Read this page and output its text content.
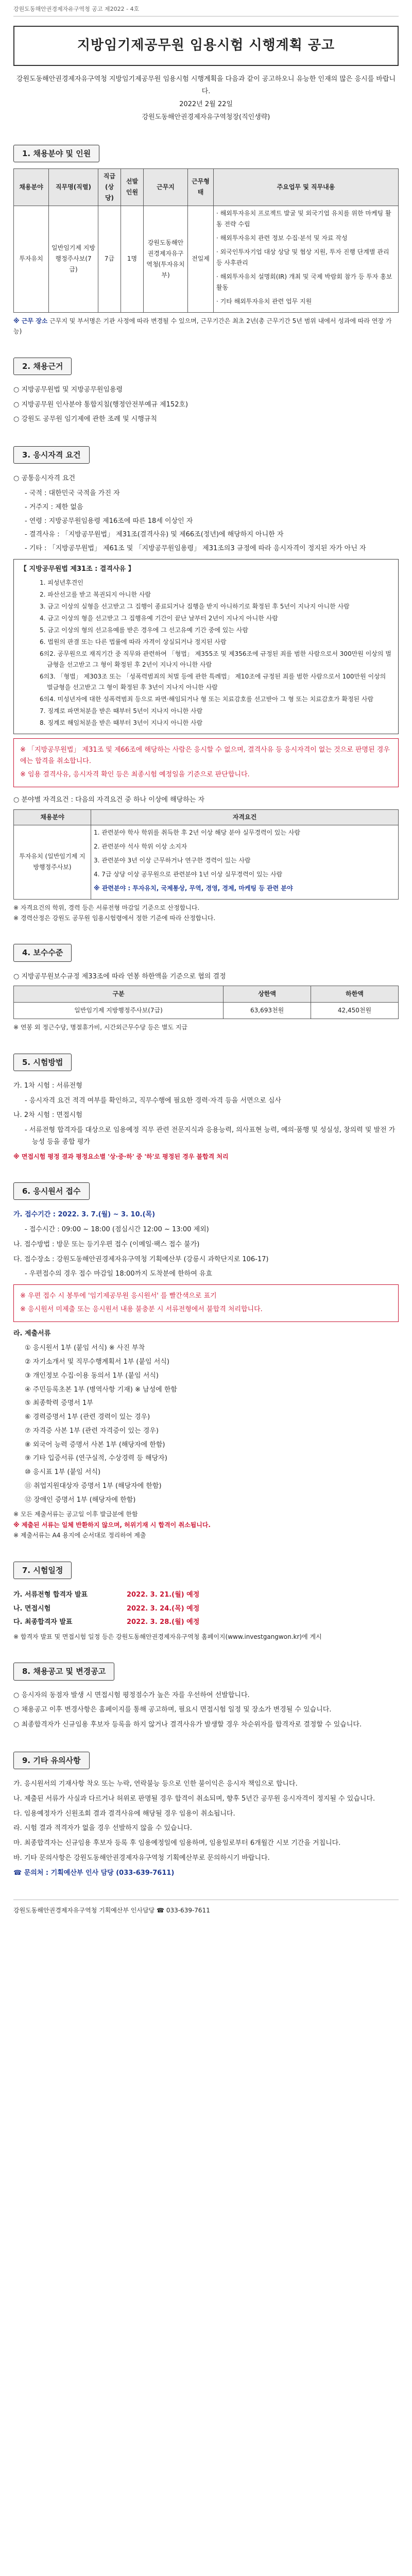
강원도동해안권경제자유구역청 공고 제2022 - 4호
지방임기제공무원 임용시험 시행계획 공고
강원도동해안권경제자유구역청 지방임기제공무원 임용시험 시행계획을 다음과 같이 공고하오니 유능한 인재의 많은 응시를 바랍니다.
2022년 2월 22일
강원도동해안권경제자유구역청장(직인생략)
1. 채용분야 및 인원
채용분야	직무명(직렬)	직급(상당)	선발인원	근무지	근무형태	주요업무 및 직무내용
투자유치	일반임기제 지방행정주사보(7급)	7급	1명	강원도동해안권경제자유구역청(투자유치부)	전일제	· 해외투자유치 프로젝트 발굴 및 외국기업 유치를 위한 마케팅 활동 전략 수립
· 해외투자유치 관련 정보 수집·분석 및 자료 작성
· 외국인투자기업 대상 상담 및 협상 지원, 투자 진행 단계별 관리 등 사후관리
· 해외투자유치 설명회(IR) 개최 및 국제 박람회 참가 등 투자 홍보 활동
· 기타 해외투자유치 관련 업무 지원
※ 근무 장소 근무지 및 부서명은 기관 사정에 따라 변경될 수 있으며, 근무기간은 최초 2년(총 근무기간 5년 범위 내에서 성과에 따라 연장 가능)
2. 채용근거
○ 지방공무원법 및 지방공무원임용령
○ 지방공무원 인사분야 통합지침(행정안전부예규 제152호)
○ 강원도 공무원 임기제에 관한 조례 및 시행규칙
3. 응시자격 요건
○ 공통응시자격 요건
- 국적 : 대한민국 국적을 가진 자
- 거주지 : 제한 없음
- 연령 : 지방공무원임용령 제16조에 따른 18세 이상인 자
- 결격사유 : 「지방공무원법」 제31조(결격사유) 및 제66조(정년)에 해당하지 아니한 자
- 기타 : 「지방공무원법」 제61조 및 「지방공무원임용령」 제31조의3 규정에 따라 응시자격이 정지된 자가 아닌 자
【 지방공무원법 제31조 : 결격사유 】
1. 피성년후견인
2. 파산선고를 받고 복권되지 아니한 사람
3. 금고 이상의 실형을 선고받고 그 집행이 종료되거나 집행을 받지 아니하기로 확정된 후 5년이 지나지 아니한 사람
4. 금고 이상의 형을 선고받고 그 집행유예 기간이 끝난 날부터 2년이 지나지 아니한 사람
5. 금고 이상의 형의 선고유예를 받은 경우에 그 선고유예 기간 중에 있는 사람
6. 법원의 판결 또는 다른 법률에 따라 자격이 상실되거나 정지된 사람
6의2. 공무원으로 재직기간 중 직무와 관련하여 「형법」 제355조 및 제356조에 규정된 죄를 범한 사람으로서 300만원 이상의 벌금형을 선고받고 그 형이 확정된 후 2년이 지나지 아니한 사람
6의3. 「형법」 제303조 또는 「성폭력범죄의 처벌 등에 관한 특례법」 제10조에 규정된 죄를 범한 사람으로서 100만원 이상의 벌금형을 선고받고 그 형이 확정된 후 3년이 지나지 아니한 사람
6의4. 미성년자에 대한 성폭력범죄 등으로 파면·해임되거나 형 또는 치료감호를 선고받아 그 형 또는 치료감호가 확정된 사람
7. 징계로 파면처분을 받은 때부터 5년이 지나지 아니한 사람
8. 징계로 해임처분을 받은 때부터 3년이 지나지 아니한 사람
※ 「지방공무원법」 제31조 및 제66조에 해당하는 사람은 응시할 수 없으며, 결격사유 등 응시자격이 없는 것으로 판명된 경우에는 합격을 취소합니다.
※ 임용 결격사유, 응시자격 확인 등은 최종시험 예정일을 기준으로 판단합니다.
○ 분야별 자격요건 : 다음의 자격요건 중 하나 이상에 해당하는 자
채용분야	자격요건
투자유치 (일반임기제 지방행정주사보)	1. 관련분야 학사 학위를 취득한 후 2년 이상 해당 분야 실무경력이 있는 사람
2. 관련분야 석사 학위 이상 소지자
3. 관련분야 3년 이상 근무하거나 연구한 경력이 있는 사람
4. 7급 상당 이상 공무원으로 관련분야 1년 이상 실무경력이 있는 사람
※ 관련분야 : 투자유치, 국제통상, 무역, 경영, 경제, 마케팅 등 관련 분야
※ 자격요건의 학위, 경력 등은 서류전형 마감일 기준으로 산정합니다.
※ 경력산정은 강원도 공무원 임용시험령에서 정한 기준에 따라 산정합니다.
4. 보수수준
○ 지방공무원보수규정 제33조에 따라 연봉 하한액을 기준으로 협의 결정
구분	상한액	하한액
일반임기제 지방행정주사보(7급)	63,693천원	42,450천원
※ 연봉 외 정근수당, 명절휴가비, 시간외근무수당 등은 별도 지급
5. 시험방법
가. 1차 시험 : 서류전형
- 응시자격 요건 적격 여부를 확인하고, 직무수행에 필요한 경력·자격 등을 서면으로 심사
나. 2차 시험 : 면접시험
- 서류전형 합격자를 대상으로 임용예정 직무 관련 전문지식과 응용능력, 의사표현 능력, 예의·품행 및 성실성, 창의력 및 발전 가능성 등을 종합 평가
※ 면접시험 평정 결과 평정요소별 '상·중·하' 중 '하'로 평정된 경우 불합격 처리
6. 응시원서 접수
가. 접수기간 : 2022. 3. 7.(월) ~ 3. 10.(목)
- 접수시간 : 09:00 ~ 18:00 (점심시간 12:00 ~ 13:00 제외)
나. 접수방법 : 방문 또는 등기우편 접수 (이메일·팩스 접수 불가)
다. 접수장소 : 강원도동해안권경제자유구역청 기획예산부 (강릉시 과학단지로 106-17)
- 우편접수의 경우 접수 마감일 18:00까지 도착분에 한하여 유효
※ 우편 접수 시 봉투에 '임기제공무원 응시원서' 를 빨간색으로 표기
※ 응시원서 미제출 또는 응시원서 내용 불충분 시 서류전형에서 불합격 처리합니다.
라. 제출서류
① 응시원서 1부 (붙임 서식) ※ 사진 부착
② 자기소개서 및 직무수행계획서 1부 (붙임 서식)
③ 개인정보 수집·이용 동의서 1부 (붙임 서식)
④ 주민등록초본 1부 (병역사항 기재) ※ 남성에 한함
⑤ 최종학력 증명서 1부
⑥ 경력증명서 1부 (관련 경력이 있는 경우)
⑦ 자격증 사본 1부 (관련 자격증이 있는 경우)
⑧ 외국어 능력 증명서 사본 1부 (해당자에 한함)
⑨ 기타 입증서류 (연구실적, 수상경력 등 해당자)
⑩ 응시표 1부 (붙임 서식)
⑪ 취업지원대상자 증명서 1부 (해당자에 한함)
⑫ 장애인 증명서 1부 (해당자에 한함)
※ 모든 제출서류는 공고일 이후 발급분에 한함
※ 제출된 서류는 일체 반환하지 않으며, 허위기재 시 합격이 취소됩니다.
※ 제출서류는 A4 용지에 순서대로 정리하여 제출
7. 시험일정
가. 서류전형 합격자 발표	2022. 3. 21.(월) 예정
나. 면접시험	2022. 3. 24.(목) 예정
다. 최종합격자 발표	2022. 3. 28.(월) 예정
※ 합격자 발표 및 면접시험 일정 등은 강원도동해안권경제자유구역청 홈페이지(www.investgangwon.kr)에 게시
8. 채용공고 및 변경공고
○ 응시자의 동점자 발생 시 면접시험 평정점수가 높은 자를 우선하여 선발합니다.
○ 채용공고 이후 변경사항은 홈페이지를 통해 공고하며, 필요시 면접시험 일정 및 장소가 변경될 수 있습니다.
○ 최종합격자가 신규임용 후보자 등록을 하지 않거나 결격사유가 발생할 경우 차순위자를 합격자로 결정할 수 있습니다.
9. 기타 유의사항
가. 응시원서의 기재사항 착오 또는 누락, 연락불능 등으로 인한 불이익은 응시자 책임으로 합니다.
나. 제출된 서류가 사실과 다르거나 허위로 판명될 경우 합격이 취소되며, 향후 5년간 공무원 응시자격이 정지될 수 있습니다.
다. 임용예정자가 신원조회 결과 결격사유에 해당될 경우 임용이 취소됩니다.
라. 시험 결과 적격자가 없을 경우 선발하지 않을 수 있습니다.
마. 최종합격자는 신규임용 후보자 등록 후 임용예정일에 임용하며, 임용일로부터 6개월간 시보 기간을 거칩니다.
바. 기타 문의사항은 강원도동해안권경제자유구역청 기획예산부로 문의하시기 바랍니다.
☎ 문의처 : 기획예산부 인사 담당 (033-639-7611)
강원도동해안권경제자유구역청 기획예산부 인사담당 ☎ 033-639-7611
